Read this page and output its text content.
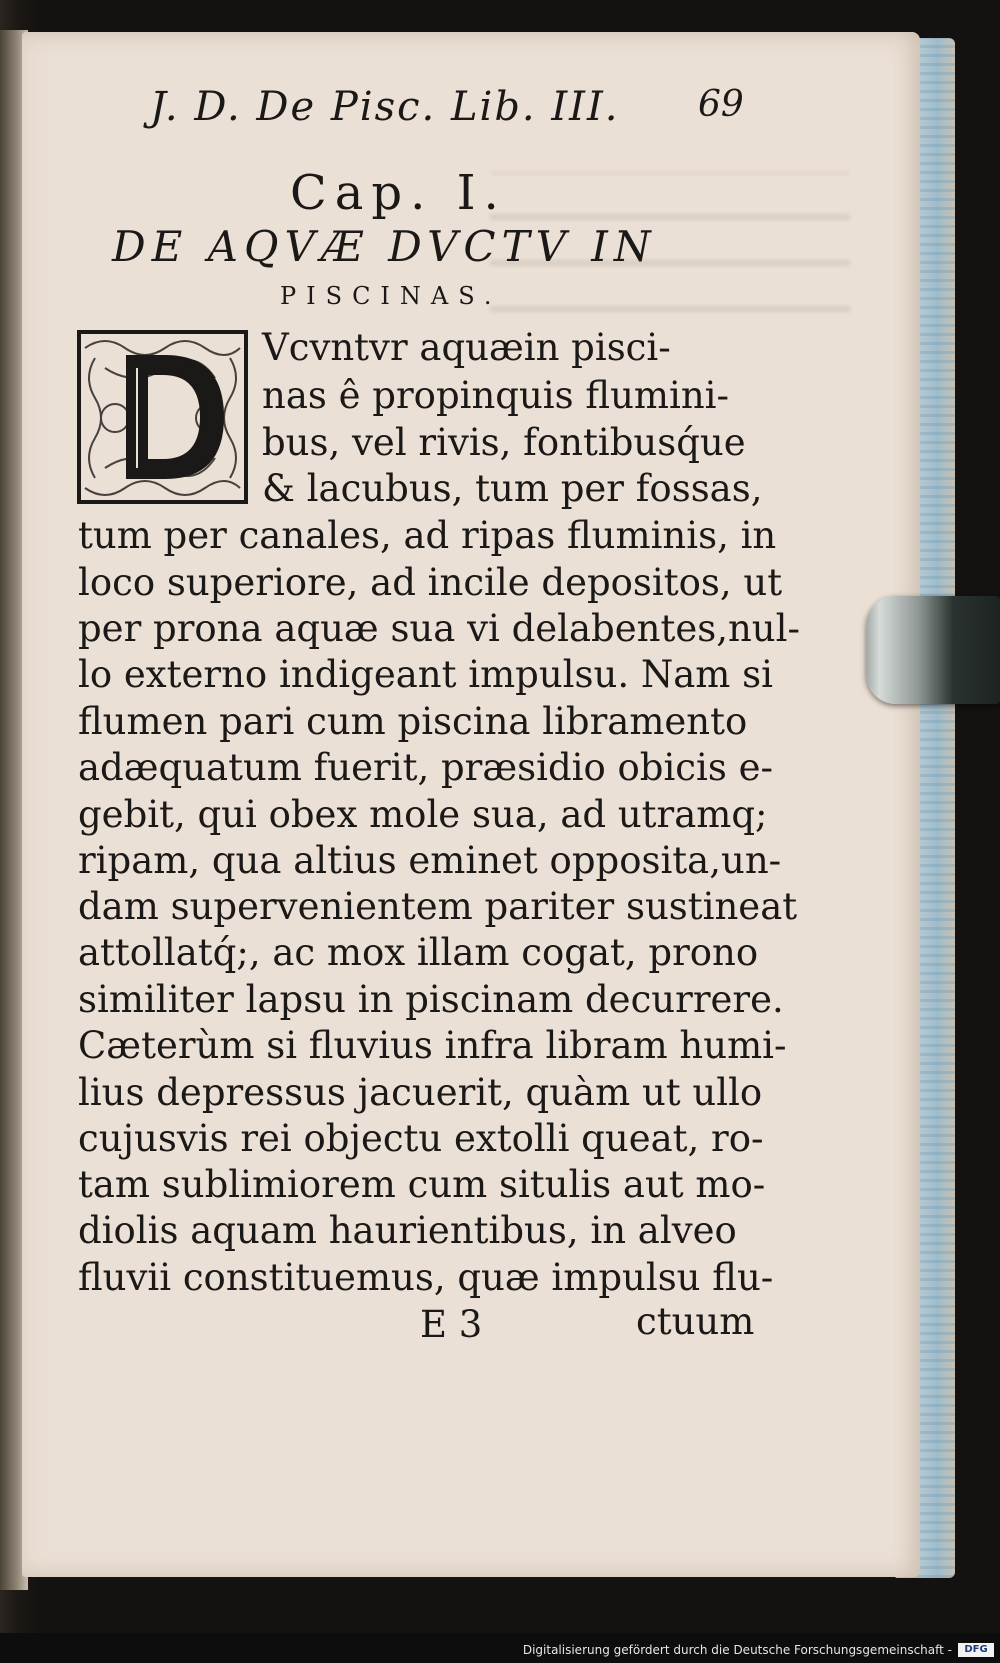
J. D. De Pisc. Lib. III.	69
Cap. I.
DE AQVÆ DVCTV IN
PISCINAS.
Vcvntvr aquæin pisci-
nas ê propinquis flumini-
bus, vel rivis, fontibusq́ue
& lacubus, tum per fossas,
tum per canales, ad ripas fluminis, in
loco superiore, ad incile depositos, ut
per prona aquæ sua vi delabentes,nul-
lo externo indigeant impulsu. Nam si
flumen pari cum piscina libramento
adæquatum fuerit, præsidio obicis e-
gebit, qui obex mole sua, ad utramq;
ripam, qua altius eminet opposita,un-
dam supervenientem pariter sustineat
attollatq́;, ac mox illam cogat, prono
similiter lapsu in piscinam decurrere.
Cæterùm si fluvius infra libram humi-
lius depressus jacuerit, quàm ut ullo
cujusvis rei objectu extolli queat, ro-
tam sublimiorem cum situlis aut mo-
diolis aquam haurientibus, in alveo
fluvii constituemus, quæ impulsu flu-
E 3	ctuum
Digitalisierung gefördert durch die Deutsche Forschungsgemeinschaft -	DFG
